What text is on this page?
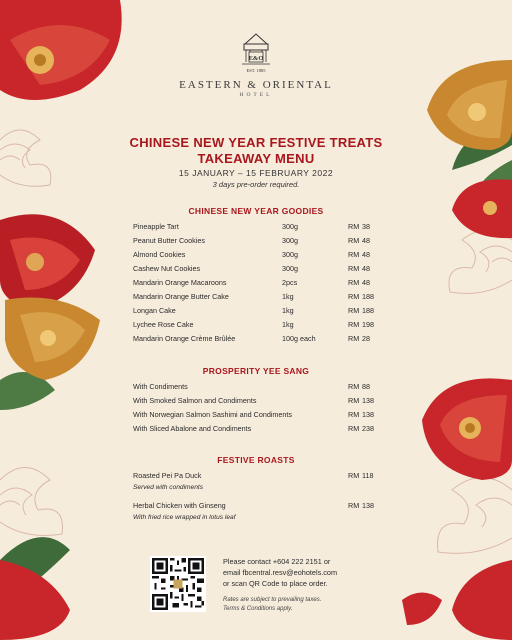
E&O
EST. 1885
EASTERN & ORIENTAL
HOTEL
CHINESE NEW YEAR FESTIVE TREATS
TAKEAWAY MENU
15 JANUARY – 15 FEBRUARY 2022
3 days pre-order required.
CHINESE NEW YEAR GOODIES
Pineapple Tart	300g	RM 38
Peanut Butter Cookies	300g	RM 48
Almond Cookies	300g	RM 48
Cashew Nut Cookies	300g	RM 48
Mandarin Orange Macaroons	2pcs	RM 48
Mandarin Orange Butter Cake	1kg	RM 188
Longan Cake	1kg	RM 188
Lychee Rose Cake	1kg	RM 198
Mandarin Orange Crème Brûlée	100g each	RM 28
PROSPERITY YEE SANG
With Condiments	RM 88
With Smoked Salmon and Condiments	RM 138
With Norwegian Salmon Sashimi and Condiments	RM 138
With Sliced Abalone and Condiments	RM 238
FESTIVE ROASTS
Roasted Pei Pa Duck	RM 118
Served with condiments
Herbal Chicken with Ginseng	RM 138
With fried rice wrapped in lotus leaf
Please contact +604 222 2151 or
email fbcentral.resv@eohotels.com
or scan QR Code to place order.
Rates are subject to prevailing taxes.
Terms & Conditions apply.
